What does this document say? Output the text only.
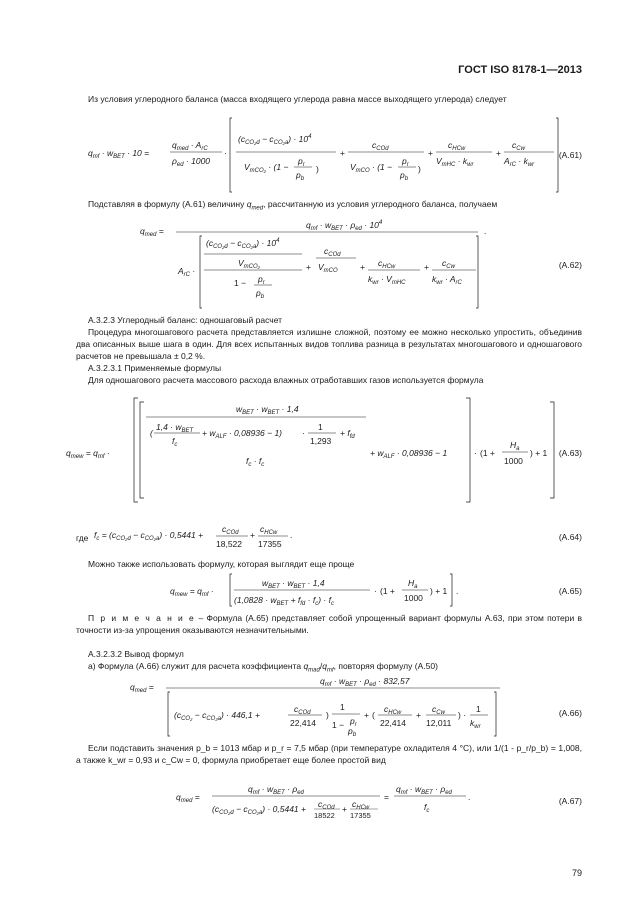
ГОСТ ISO 8178-1—2013
Из условия углеродного баланса (масса входящего углерода равна массе выходящего углерода) следует
$q_{mf} \cdot w_{BET} \cdot 10$ =
$q_{med} \cdot A_{rC}$
$\rho_{ed} \cdot 1000$
·
$(c_{CO_2d} - c_{CO_2a}) \cdot 10^4$
$V_{mCO_2} \cdot (1$ −
$p_r$
$p_b$
)
+
$c_{COd}$
$V_{mCO} \cdot (1$ −
$p_r$
$p_b$
)
+
$c_{HCw}$
$V_{mHC} \cdot k_{wr}$
+
$c_{Cw}$
$A_{rC} \cdot k_{wr}$
(А.61)
Подставляя в формулу (А.61) величину $q_{med}$, рассчитанную из условия углеродного баланса, получаем
$q_{med}$ =
$q_{mf} \cdot w_{BET} \cdot \rho_{ed} \cdot 10^4$
$A_{rC}$ ·
$(c_{CO_2d} - c_{CO_2a}) \cdot 10^4$
$V_{mCO_2}$
$1 - p_r$
$p_b$
+
$c_{COd}$
$V_{mCO}$	+ $c_{HCw}$
$k_{wr} \cdot V_{mHC}$
+ $c_{Cw}$
$k_{wr} \cdot A_{rC}$
.
(А.62)
А.3.2.3 Углеродный баланс: одношаговый расчет
Процедура многошагового расчета представляется излишне сложной, поэтому ее можно несколько упростить, объединив два описанных выше шага в один. Для всех испытанных видов топлива разница в результатах многошагового и одношагового расчетов не превышала ± 0,2 %.
А.3.2.3.1 Применяемые формулы
Для одношагового расчета массового расхода влажных отработавших газов используется формула
$q_{mew} = q_{mf}$ ·
$w_{BET} \cdot w_{BET} \cdot 1,4$
(
$1,4 \cdot w_{BET}$
$f_c$
+ $w_{ALF} \cdot 0,08936 - 1$) ·
1
1,293
+ $f_{fd}$
$f_c \cdot f_c$
+ $w_{ALF} \cdot 0,08936 - 1$	· (1 +
$H_a$
1000
) + 1 (А.63)
где $f_c = (c_{CO_2d} - c_{CO_2a}) \cdot 0,5441$ +
$c_{COd}$
18,522
+
$c_{HCw}$
17355
.	(А.64)
Можно также использовать формулу, которая выглядит еще проще
$q_{mew} = q_{mf}$ ·
$w_{BET} \cdot w_{BET} \cdot 1,4$
$(1,0828 \cdot w_{BET} + f_{fd} \cdot f_c) \cdot f_c$
· (1 +
$H_a$
1000
) + 1 .	(А.65)
П р и м е ч а н и е – Формула (А.65) представляет собой упрощенный вариант формулы А.63, при этом потери в точности из-за упрощения оказываются незначительными.
А.3.2.3.2 Вывод формул
а) Формула (А.66) служит для расчета коэффициента $q_{mad}/q_{mf}$, повторяя формулу (А.50)
$q_{med}$ =
$q_{mf} \cdot w_{BET} \cdot \rho_{ed} \cdot 832,57$
$(c_{CO_2} - c_{CO_2a}) \cdot 446,1$ +
$c_{COd}$
22,414
)
1
$1 - p_r$
$p_b$
+ (
$c_{HCw}$
22,414
+
$c_{Cw}$
12,011
) ·
1
$k_{wr}$
(А.66)
Если подставить значения p_b = 1013 мбар и p_r = 7,5 мбар (при температуре охладителя 4 °С), или 1/(1 - p_r/p_b) = 1,008, а также k_wr = 0,93 и c_Cw = 0, формула приобретает еще более простой вид
$q_{med}$ =
$q_{mf} \cdot w_{BET} \cdot \rho_{ed}$
$(c_{CO_2d} - c_{CO_2a}) \cdot 0,5441 + c_{COd}$
18522
+ $c_{HCw}$
17355
=
$q_{mf} \cdot w_{BET} \cdot \rho_{ed}$
$f_c$
.	(А.67)
79
